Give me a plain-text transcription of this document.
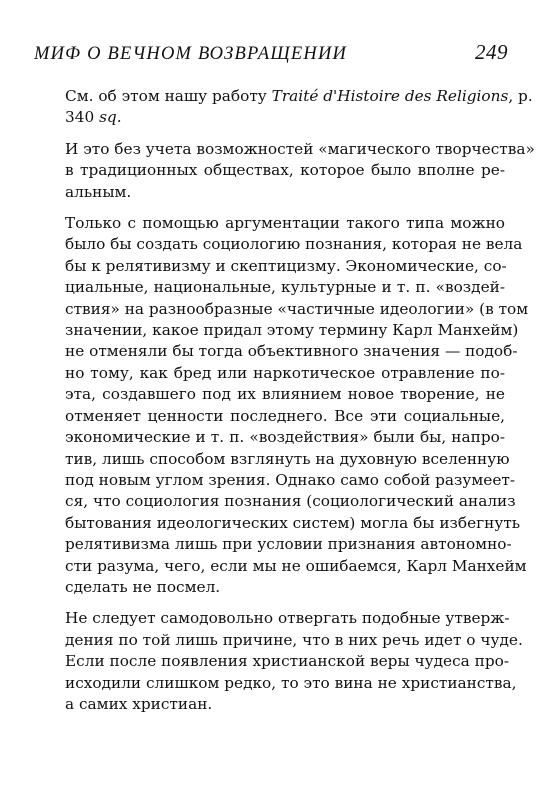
МИФ О ВЕЧНОМ ВОЗВРАЩЕНИИ	249

См. об этом нашу работу Traité d'Histoire des Religions, р.
340 sq.

И это без учета возможностей «магического творчества»
в традиционных обществах, которое было вполне ре-
альным.

Только с помощью аргументации такого типа можно
было бы создать социологию познания, которая не вела
бы к релятивизму и скептицизму. Экономические, со-
циальные, национальные, культурные и т. п. «воздей-
ствия» на разнообразные «частичные идеологии» (в том
значении, какое придал этому термину Карл Манхейм)
не отменяли бы тогда объективного значения — подоб-
но тому, как бред или наркотическое отравление по-
эта, создавшего под их влиянием новое творение, не
отменяет ценности последнего. Все эти социальные,
экономические и т. п. «воздействия» были бы, напро-
тив, лишь способом взглянуть на духовную вселенную
под новым углом зрения. Однако само собой разумеет-
ся, что социология познания (социологический анализ
бытования идеологических систем) могла бы избегнуть
релятивизма лишь при условии признания автономно-
сти разума, чего, если мы не ошибаемся, Карл Манхейм
сделать не посмел.

Не следует самодовольно отвергать подобные утверж-
дения по той лишь причине, что в них речь идет о чуде.
Если после появления христианской веры чудеса про-
исходили слишком редко, то это вина не христианства,
а самих христиан.
